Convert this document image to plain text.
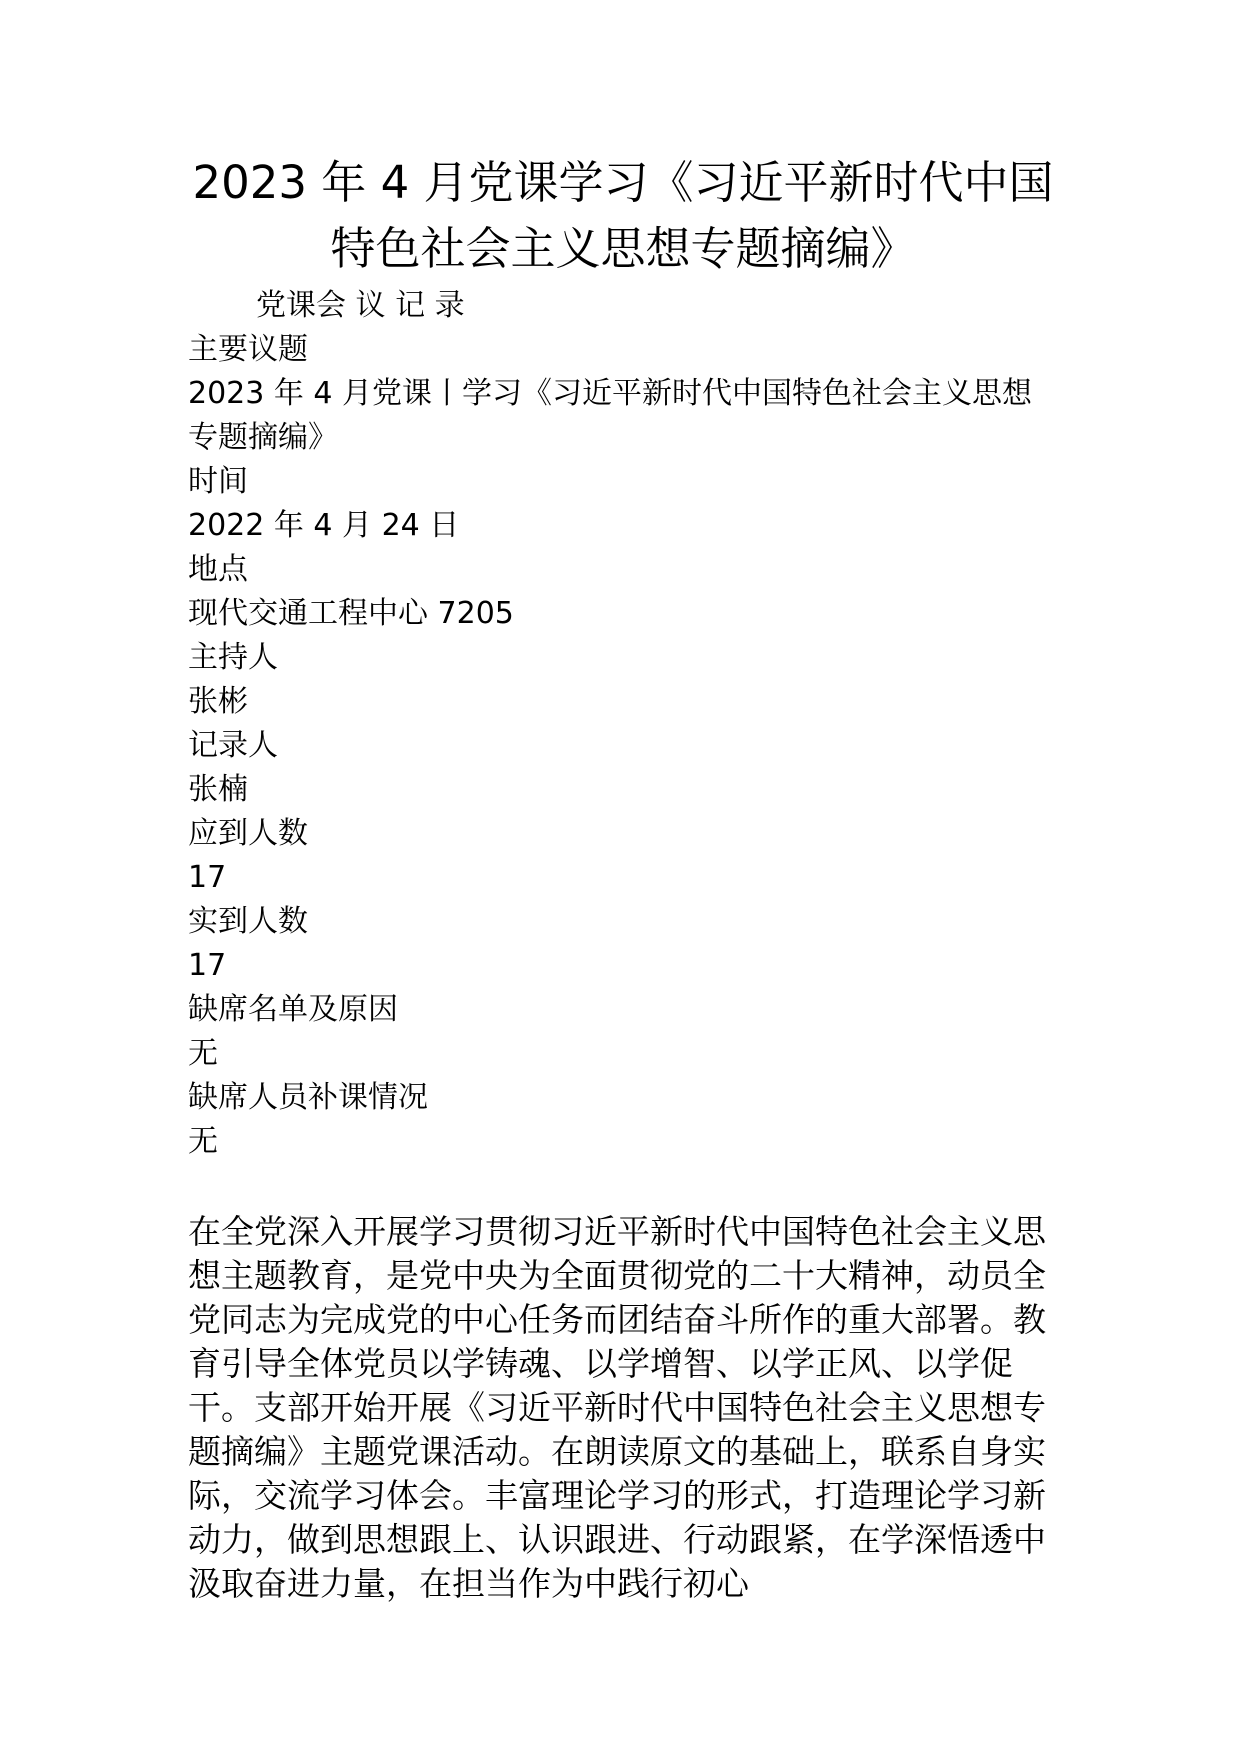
2023 年 4 月党课学习《习近平新时代中国特色社会主义思想专题摘编》
党课会 议 记 录
主要议题
2023 年 4 月党课丨学习《习近平新时代中国特色社会主义思想专题摘编》
时间
2022 年 4 月 24 日
地点
现代交通工程中心 7205
主持人
张彬
记录人
张楠
应到人数
17
实到人数
17
缺席名单及原因
无
缺席人员补课情况
无

在全党深入开展学习贯彻习近平新时代中国特色社会主义思想主题教育，是党中央为全面贯彻党的二十大精神，动员全党同志为完成党的中心任务而团结奋斗所作的重大部署。教育引导全体党员以学铸魂、以学增智、以学正风、以学促干。支部开始开展《习近平新时代中国特色社会主义思想专题摘编》主题党课活动。在朗读原文的基础上，联系自身实际，交流学习体会。丰富理论学习的形式，打造理论学习新动力，做到思想跟上、认识跟进、行动跟紧，在学深悟透中汲取奋进力量，在担当作为中践行初心
